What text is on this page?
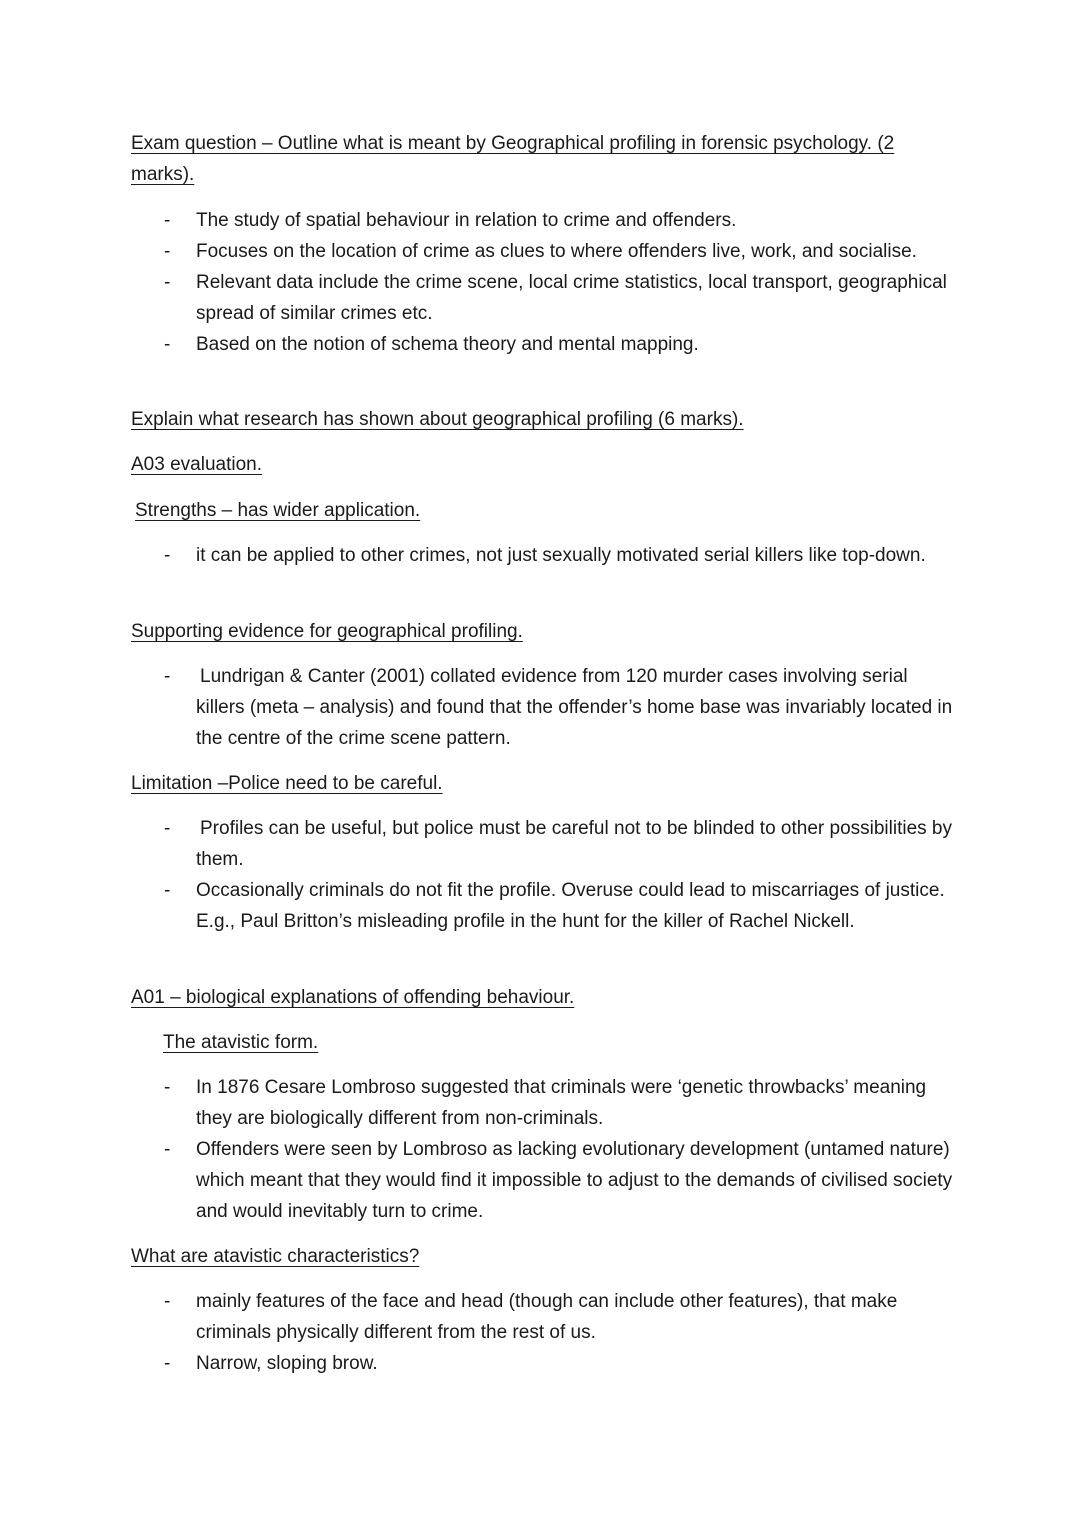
Exam question – Outline what is meant by Geographical profiling in forensic psychology. (2 marks).

- The study of spatial behaviour in relation to crime and offenders.
- Focuses on the location of crime as clues to where offenders live, work, and socialise.
- Relevant data include the crime scene, local crime statistics, local transport, geographical spread of similar crimes etc.
- Based on the notion of schema theory and mental mapping.

Explain what research has shown about geographical profiling (6 marks).

A03 evaluation.

Strengths – has wider application.

- it can be applied to other crimes, not just sexually motivated serial killers like top-down.

Supporting evidence for geographical profiling.

- Lundrigan & Canter (2001) collated evidence from 120 murder cases involving serial killers (meta – analysis) and found that the offender’s home base was invariably located in the centre of the crime scene pattern.

Limitation –Police need to be careful.

- Profiles can be useful, but police must be careful not to be blinded to other possibilities by them.
- Occasionally criminals do not fit the profile. Overuse could lead to miscarriages of justice. E.g., Paul Britton’s misleading profile in the hunt for the killer of Rachel Nickell.

A01 – biological explanations of offending behaviour.

The atavistic form.

- In 1876 Cesare Lombroso suggested that criminals were ‘genetic throwbacks’ meaning they are biologically different from non-criminals.
- Offenders were seen by Lombroso as lacking evolutionary development (untamed nature) which meant that they would find it impossible to adjust to the demands of civilised society and would inevitably turn to crime.

What are atavistic characteristics?

- mainly features of the face and head (though can include other features), that make criminals physically different from the rest of us.
- Narrow, sloping brow.
